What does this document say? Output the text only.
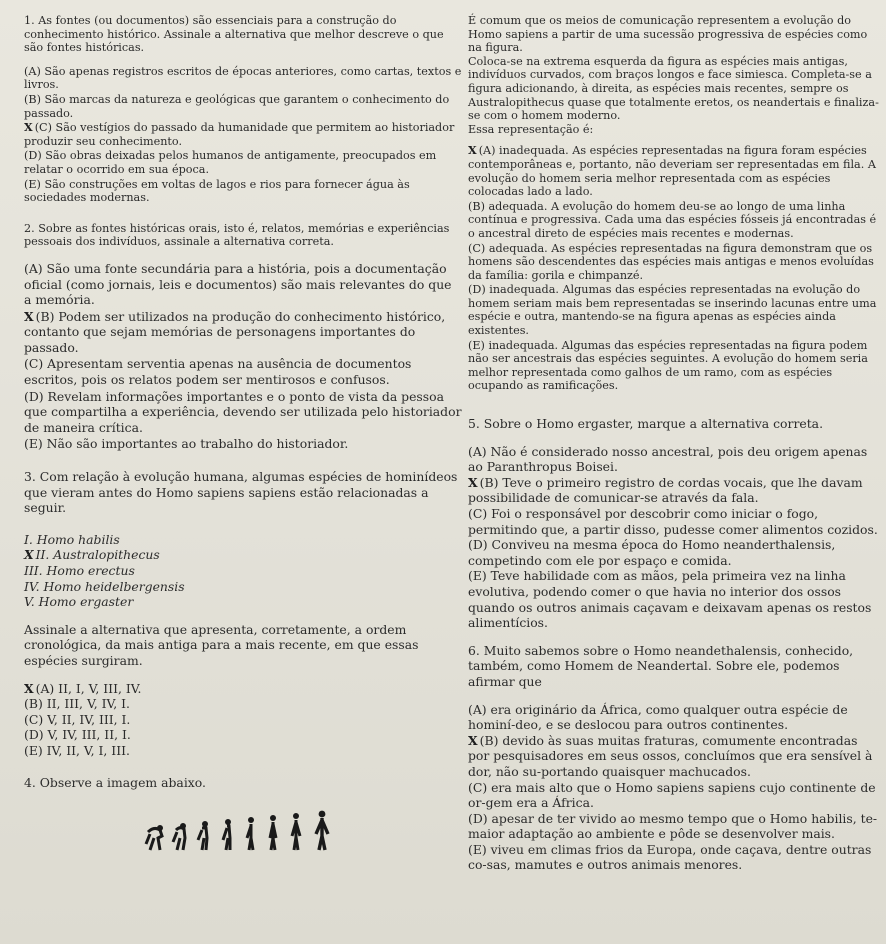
1. As fontes (ou documentos) são essenciais para a construção do conhecimento histórico. Assinale a alternativa que melhor descreve o que são fontes históricas.

(A) São apenas registros escritos de épocas anteriores, como cartas, textos e livros.

(B) São marcas da natureza e geológicas que garantem o conhecimento do passado.

X (C) São vestígios do passado da humanidade que permitem ao historiador produzir seu conhecimento.

(D) São obras deixadas pelos humanos de antigamente, preocupados em relatar o ocorrido em sua época.

(E) São construções em voltas de lagos e rios para fornecer água às sociedades modernas.

2. Sobre as fontes históricas orais, isto é, relatos, memórias e experiências pessoais dos indivíduos, assinale a alternativa correta.

(A) São uma fonte secundária para a história, pois a documentação oficial (como jornais, leis e documentos) são mais relevantes do que a memória.

X (B) Podem ser utilizados na produção do conhecimento histórico, contanto que sejam memórias de personagens importantes do passado.

(C) Apresentam serventia apenas na ausência de documentos escritos, pois os relatos podem ser mentirosos e confusos.

(D) Revelam informações importantes e o ponto de vista da pessoa que compartilha a experiência, devendo ser utilizada pelo historiador de maneira crítica.

(E) Não são importantes ao trabalho do historiador.

3. Com relação à evolução humana, algumas espécies de hominídeos que vieram antes do Homo sapiens sapiens estão relacionadas a seguir.

I. Homo habilis

X II. Australopithecus

III. Homo erectus

IV. Homo heidelbergensis

V. Homo ergaster

Assinale a alternativa que apresenta, corretamente, a ordem cronológica, da mais antiga para a mais recente, em que essas espécies surgiram.

X (A) II, I, V, III, IV.

(B) II, III, V, IV, I.

(C) V, II, IV, III, I.

(D) V, IV, III, II, I.

(E) IV, II, V, I, III.

4. Observe a imagem abaixo.

É comum que os meios de comunicação representem a evolução do Homo sapiens a partir de uma sucessão progressiva de espécies como na figura.

Coloca-se na extrema esquerda da figura as espécies mais antigas, indivíduos curvados, com braços longos e face simiesca. Completa-se a figura adicionando, à direita, as espécies mais recentes, sempre os Australopithecus quase que totalmente eretos, os neandertais e finaliza-se com o homem moderno.

Essa representação é:

X (A) inadequada. As espécies representadas na figura foram espécies contemporâneas e, portanto, não deveriam ser representadas em fila. A evolução do homem seria melhor representada com as espécies colocadas lado a lado.

(B) adequada. A evolução do homem deu-se ao longo de uma linha contínua e progressiva. Cada uma das espécies fósseis já encontradas é o ancestral direto de espécies mais recentes e modernas.

(C) adequada. As espécies representadas na figura demonstram que os homens são descendentes das espécies mais antigas e menos evoluídas da família: gorila e chimpanzé.

(D) inadequada. Algumas das espécies representadas na evolução do homem seriam mais bem representadas se inserindo lacunas entre uma espécie e outra, mantendo-se na figura apenas as espécies ainda existentes.

(E) inadequada. Algumas das espécies representadas na figura podem não ser ancestrais das espécies seguintes. A evolução do homem seria melhor representada como galhos de um ramo, com as espécies ocupando as ramificações.

5. Sobre o Homo ergaster, marque a alternativa correta.

(A) Não é considerado nosso ancestral, pois deu origem apenas ao Paranthropus Boisei.

X (B) Teve o primeiro registro de cordas vocais, que lhe davam possibilidade de comunicar-se através da fala.

(C) Foi o responsável por descobrir como iniciar o fogo, permitindo que, a partir disso, pudesse comer alimentos cozidos.

(D) Conviveu na mesma época do Homo neanderthalensis, competindo com ele por espaço e comida.

(E) Teve habilidade com as mãos, pela primeira vez na linha evolutiva, podendo comer o que havia no interior dos ossos quando os outros animais caçavam e deixavam apenas os restos alimentícios.

6. Muito sabemos sobre o Homo neandethalensis, conhecido, também, como Homem de Neandertal. Sobre ele, podemos afirmar que

(A) era originário da África, como qualquer outra espécie de hominí-deo, e se deslocou para outros continentes.

X (B) devido às suas muitas fraturas, comumente encontradas por pesquisadores em seus ossos, concluímos que era sensível à dor, não su-portando quaisquer machucados.

(C) era mais alto que o Homo sapiens sapiens cujo continente de or-gem era a África.

(D) apesar de ter vivido ao mesmo tempo que o Homo habilis, te-maior adaptação ao ambiente e pôde se desenvolver mais.

(E) viveu em climas frios da Europa, onde caçava, dentre outras co-sas, mamutes e outros animais menores.
